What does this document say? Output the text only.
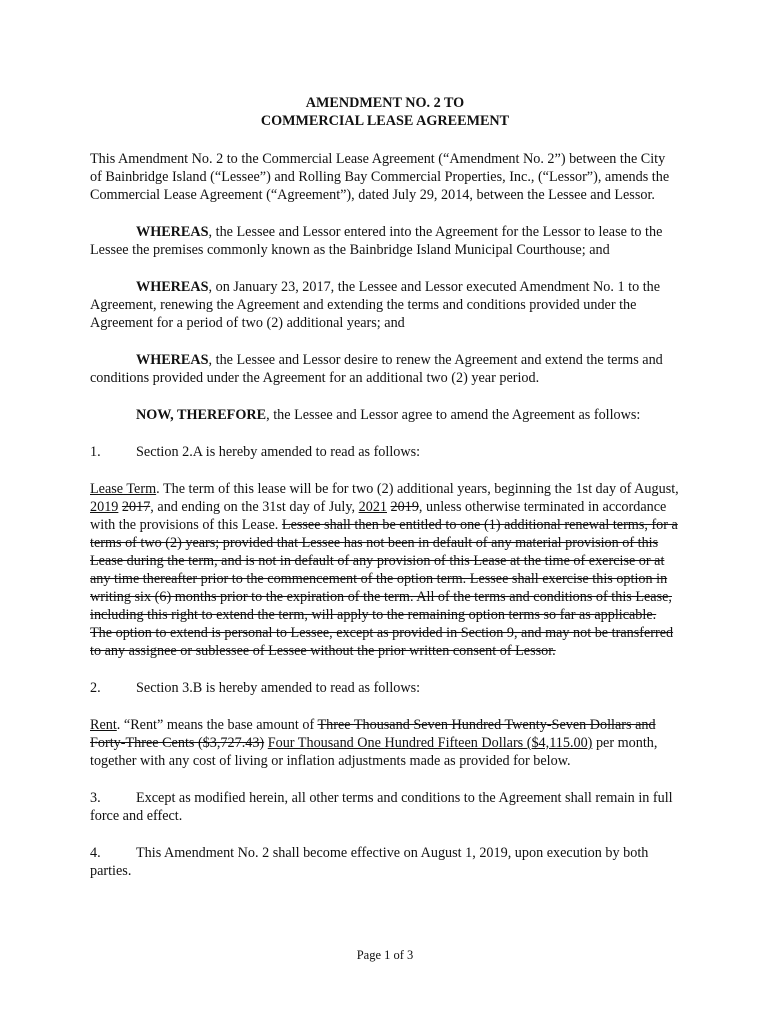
AMENDMENT NO. 2 TO
COMMERCIAL LEASE AGREEMENT

This Amendment No. 2 to the Commercial Lease Agreement (“Amendment No. 2”) between the City of Bainbridge Island (“Lessee”) and Rolling Bay Commercial Properties, Inc., (“Lessor”), amends the Commercial Lease Agreement (“Agreement”), dated July 29, 2014, between the Lessee and Lessor.

WHEREAS, the Lessee and Lessor entered into the Agreement for the Lessor to lease to the Lessee the premises commonly known as the Bainbridge Island Municipal Courthouse; and

WHEREAS, on January 23, 2017, the Lessee and Lessor executed Amendment No. 1 to the Agreement, renewing the Agreement and extending the terms and conditions provided under the Agreement for a period of two (2) additional years; and

WHEREAS, the Lessee and Lessor desire to renew the Agreement and extend the terms and conditions provided under the Agreement for an additional two (2) year period.

NOW, THEREFORE, the Lessee and Lessor agree to amend the Agreement as follows:

1. Section 2.A is hereby amended to read as follows:

Lease Term. The term of this lease will be for two (2) additional years, beginning the 1st day of August, 2019 2017, and ending on the 31st day of July, 2021 2019, unless otherwise terminated in accordance with the provisions of this Lease. Lessee shall then be entitled to one (1) additional renewal terms, for a terms of two (2) years; provided that Lessee has not been in default of any material provision of this Lease during the term, and is not in default of any provision of this Lease at the time of exercise or at any time thereafter prior to the commencement of the option term. Lessee shall exercise this option in writing six (6) months prior to the expiration of the term. All of the terms and conditions of this Lease, including this right to extend the term, will apply to the remaining option terms so far as applicable. The option to extend is personal to Lessee, except as provided in Section 9, and may not be transferred to any assignee or sublessee of Lessee without the prior written consent of Lessor.

2. Section 3.B is hereby amended to read as follows:

Rent. “Rent” means the base amount of Three Thousand Seven Hundred Twenty-Seven Dollars and Forty-Three Cents ($3,727.43) Four Thousand One Hundred Fifteen Dollars ($4,115.00) per month, together with any cost of living or inflation adjustments made as provided for below.

3. Except as modified herein, all other terms and conditions to the Agreement shall remain in full force and effect.

4. This Amendment No. 2 shall become effective on August 1, 2019, upon execution by both parties.

Page 1 of 3
